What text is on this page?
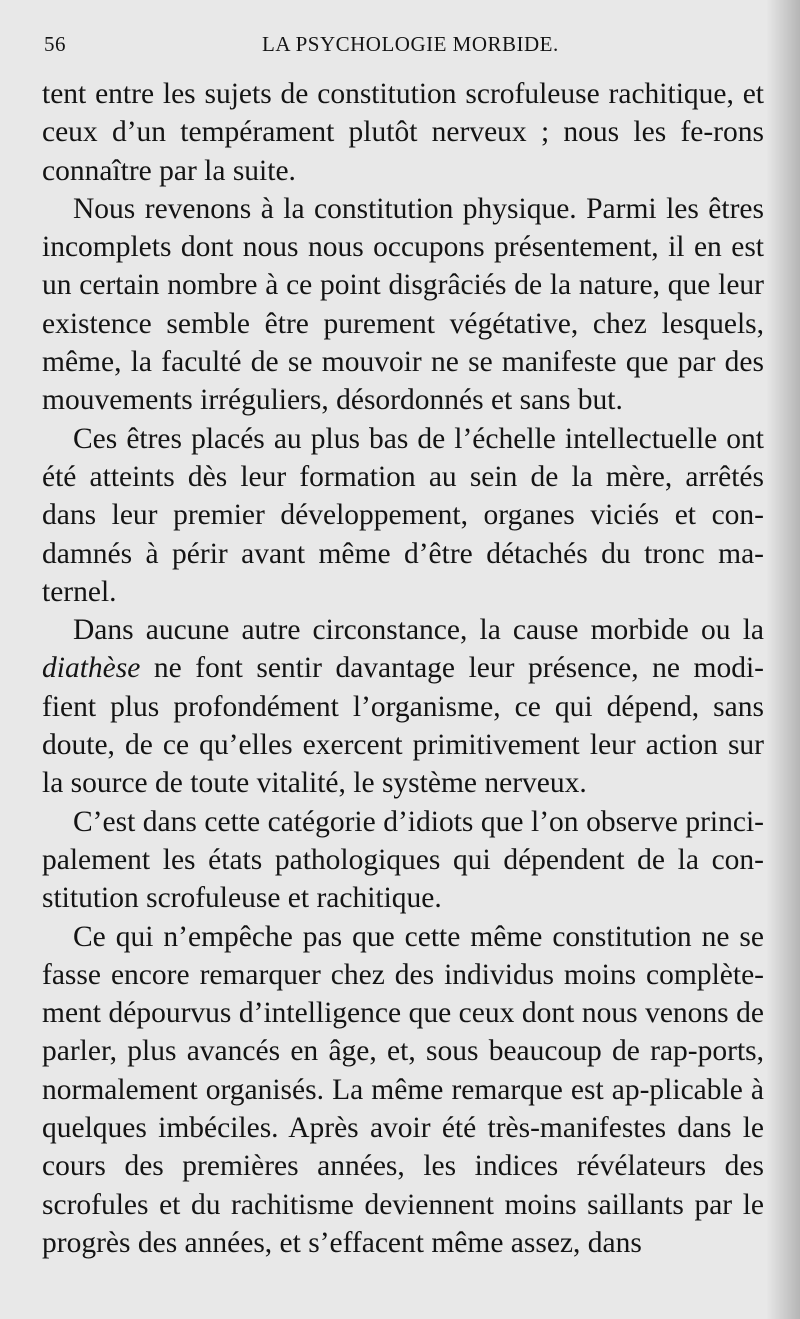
56	LA PSYCHOLOGIE MORBIDE.

tent entre les sujets de constitution scrofuleuse rachitique, et ceux d’un tempérament plutôt nerveux ; nous les fe-rons connaître par la suite.

Nous revenons à la constitution physique. Parmi les êtres incomplets dont nous nous occupons présentement, il en est un certain nombre à ce point disgrâciés de la nature, que leur existence semble être purement végétative, chez lesquels, même, la faculté de se mouvoir ne se manifeste que par des mouvements irréguliers, désordonnés et sans but.

Ces êtres placés au plus bas de l’échelle intellectuelle ont été atteints dès leur formation au sein de la mère, arrêtés dans leur premier développement, organes viciés et con-damnés à périr avant même d’être détachés du tronc ma-ternel.

Dans aucune autre circonstance, la cause morbide ou la diathèse ne font sentir davantage leur présence, ne modi-fient plus profondément l’organisme, ce qui dépend, sans doute, de ce qu’elles exercent primitivement leur action sur la source de toute vitalité, le système nerveux.

C’est dans cette catégorie d’idiots que l’on observe princi-palement les états pathologiques qui dépendent de la con-stitution scrofuleuse et rachitique.

Ce qui n’empêche pas que cette même constitution ne se fasse encore remarquer chez des individus moins complète-ment dépourvus d’intelligence que ceux dont nous venons de parler, plus avancés en âge, et, sous beaucoup de rap-ports, normalement organisés. La même remarque est ap-plicable à quelques imbéciles. Après avoir été très-manifestes dans le cours des premières années, les indices révélateurs des scrofules et du rachitisme deviennent moins saillants par le progrès des années, et s’effacent même assez, dans
